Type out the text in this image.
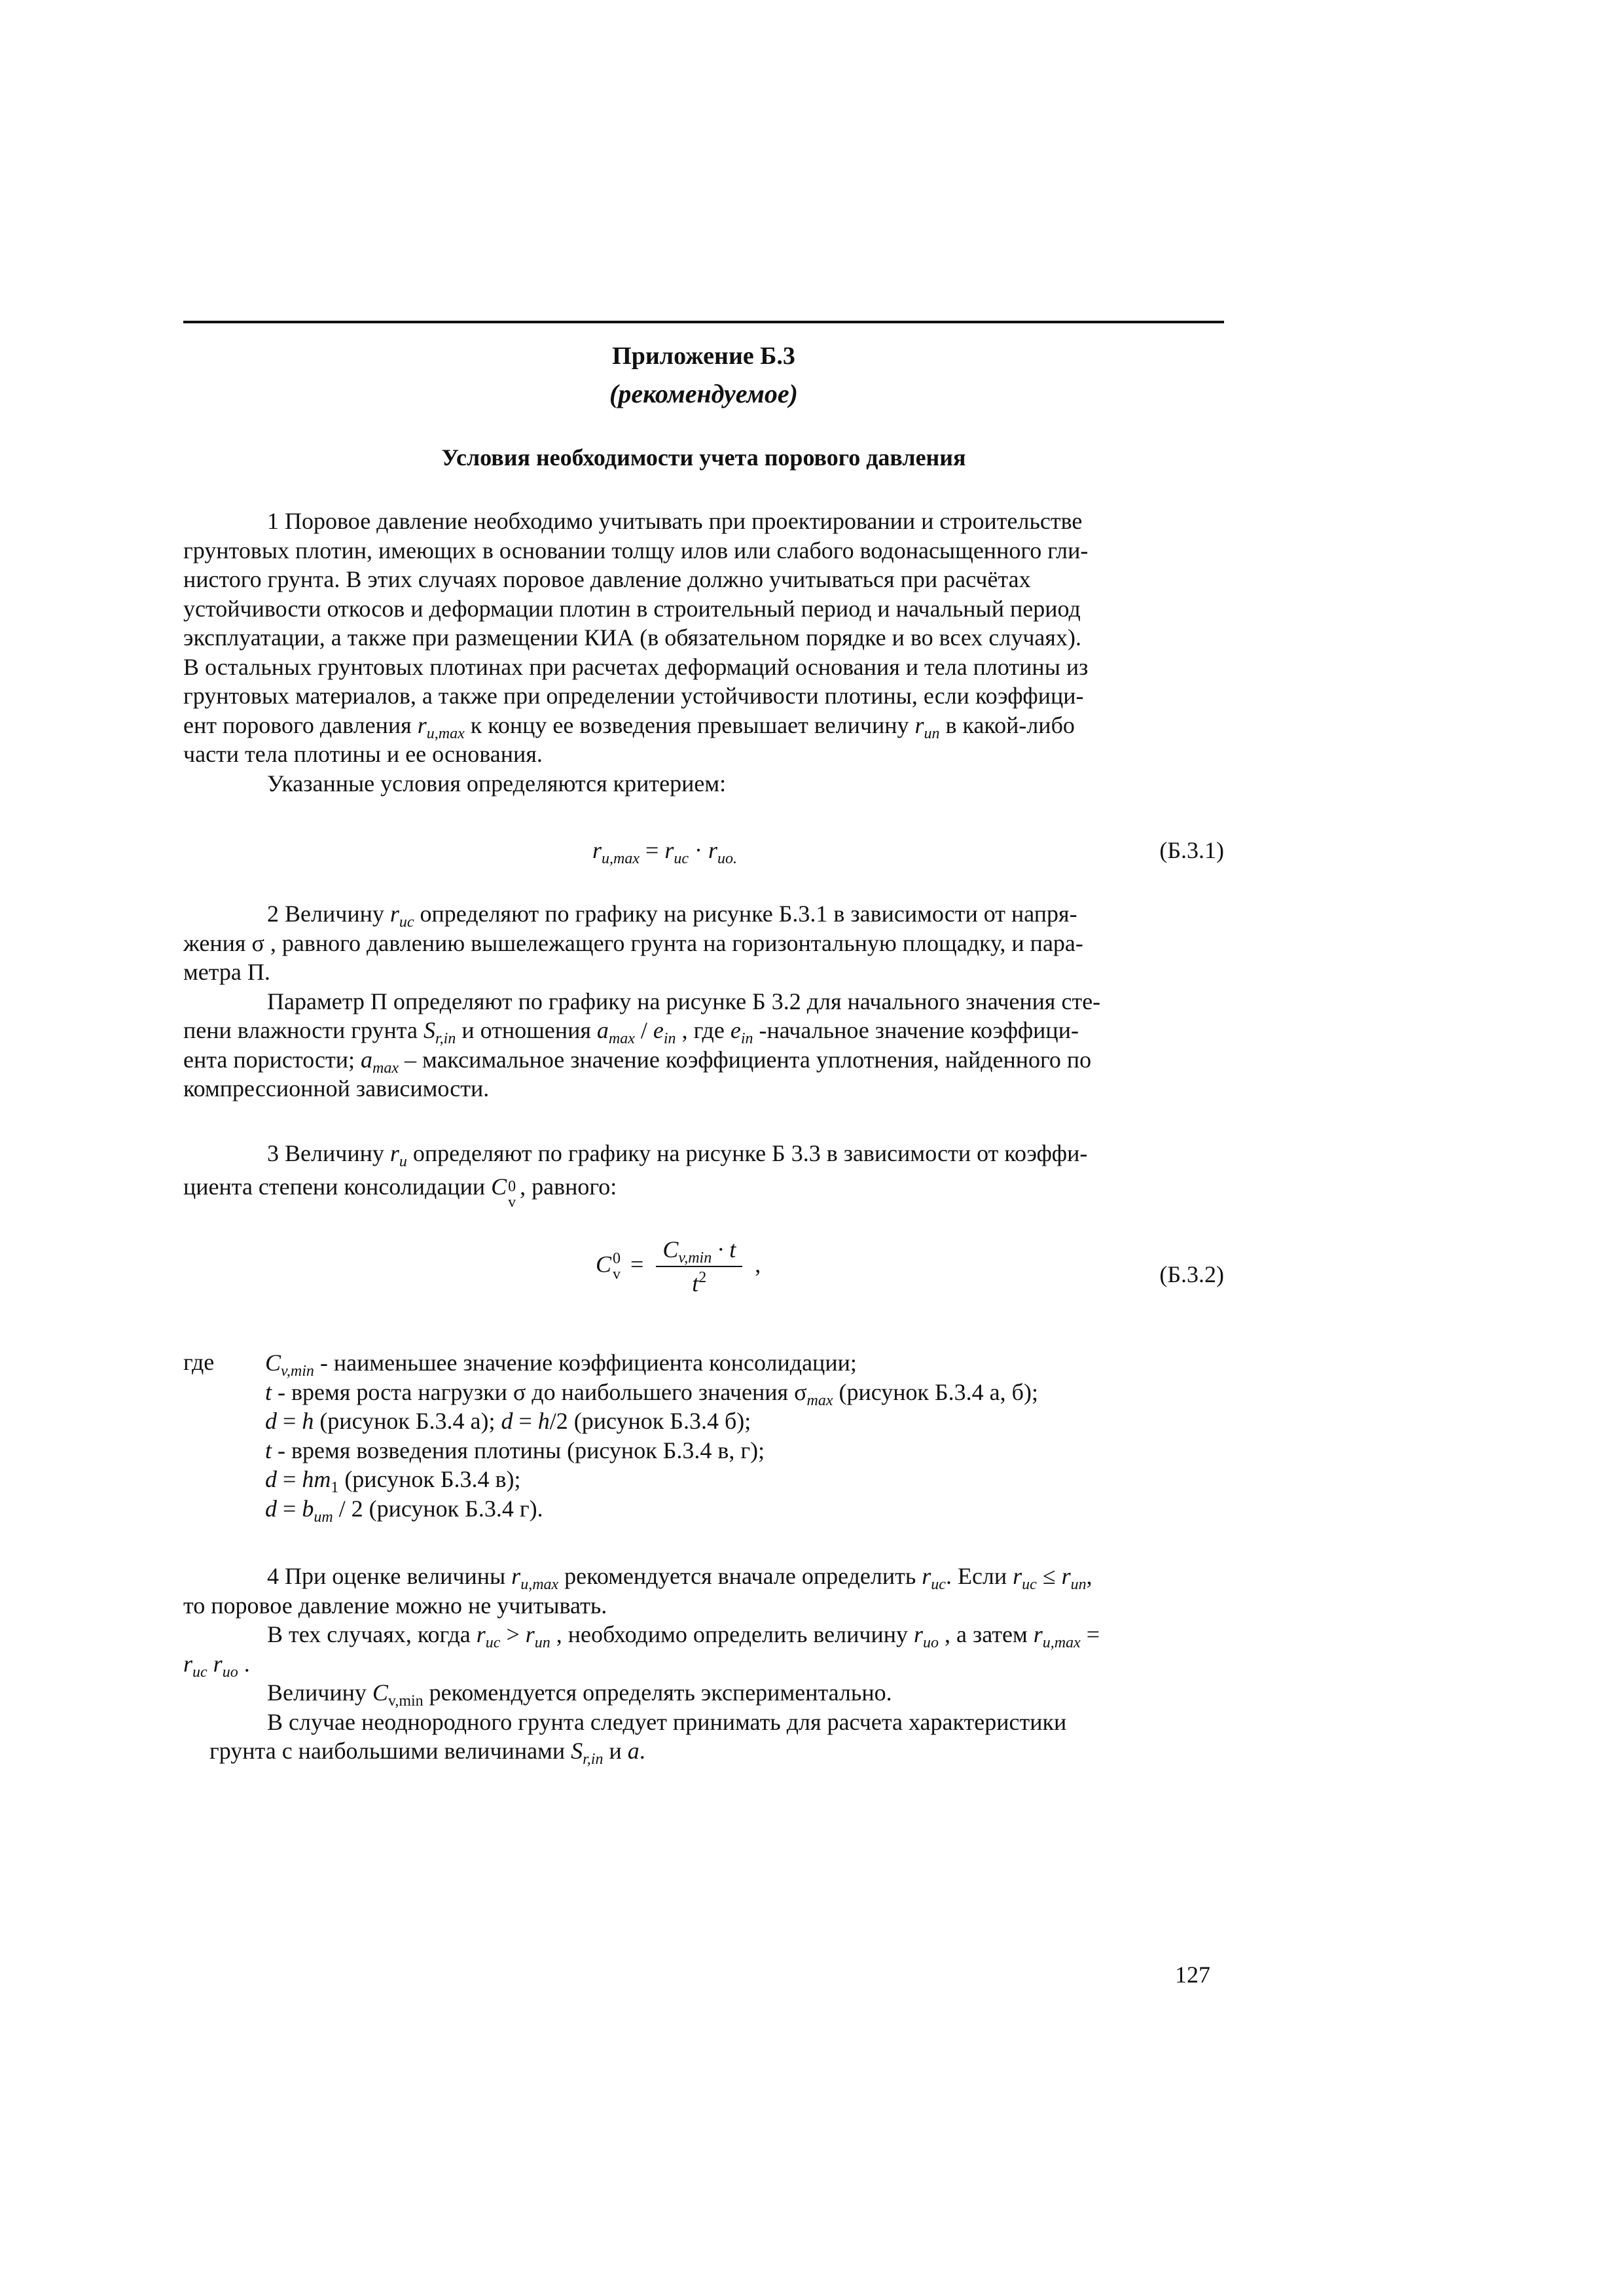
Приложение Б.3
(рекомендуемое)
Условия необходимости учета порового давления
1 Поровое давление необходимо учитывать при проектировании и строительстве
грунтовых плотин, имеющих в основании толщу илов или слабого водонасыщенного гли-
нистого грунта. В этих случаях поровое давление должно учитываться при расчётах
устойчивости откосов и деформации плотин в строительный период и начальный период
эксплуатации, а также при размещении КИА (в обязательном порядке и во всех случаях).
В остальных грунтовых плотинах при расчетах деформаций основания и тела плотины из
грунтовых материалов, а также при определении устойчивости плотины, если коэффици-
ент порового давления $r_{u,max}$ к концу ее возведения превышает величину $r_{un}$ в какой-либо
части тела плотины и ее основания.
Указанные условия определяются критерием:
$r_{u,max} = r_{uc} \cdot r_{uo.}$	(Б.3.1)
2 Величину $r_{uc}$ определяют по графику на рисунке Б.3.1 в зависимости от напря-
жения σ , равного давлению вышележащего грунта на горизонтальную площадку, и пара-
метра П.
Параметр П определяют по графику на рисунке Б 3.2 для начального значения сте-
пени влажности грунта $S_{r,in}$ и отношения $a_{max} / e_{in}$ , где $e_{in}$ -начальное значение коэффици-
ента пористости; $a_{max}$ – максимальное значение коэффициента уплотнения, найденного по
компрессионной зависимости.
3 Величину $r_u$ определяют по графику на рисунке Б 3.3 в зависимости от коэффи-
циента степени консолидации C 0
v
, равного:
C 0
$v = \frac{C_{v,min} \cdot t}{t^2}$ ,	(Б.3.2)
где $C_{v,min}$ - наименьшее значение коэффициента консолидации;
t - время роста нагрузки σ до наибольшего значения $\sigma_{max}$ (рисунок Б.3.4 а, б);
d = h (рисунок Б.3.4 а); d = h/2 (рисунок Б.3.4 б);
t - время возведения плотины (рисунок Б.3.4 в, г);
$d = hm_1$ (рисунок Б.3.4 в);
$d = b_{um} / 2$ (рисунок Б.3.4 г).
4 При оценке величины $r_{u,max}$ рекомендуется вначале определить $r_{uc}$. Если $r_{uc} \le r_{un}$,
то поровое давление можно не учитывать.
В тех случаях, когда $r_{uc} > r_{un}$ , необходимо определить величину $r_{uo}$ , а затем $r_{u,max}$ =
$r_{uc}$ $r_{uo}$ .
Величину $C_{v,min}$ рекомендуется определять экспериментально.
В случае неоднородного грунта следует принимать для расчета характеристики
грунта с наибольшими величинами $S_{r,in}$ и a.
127
